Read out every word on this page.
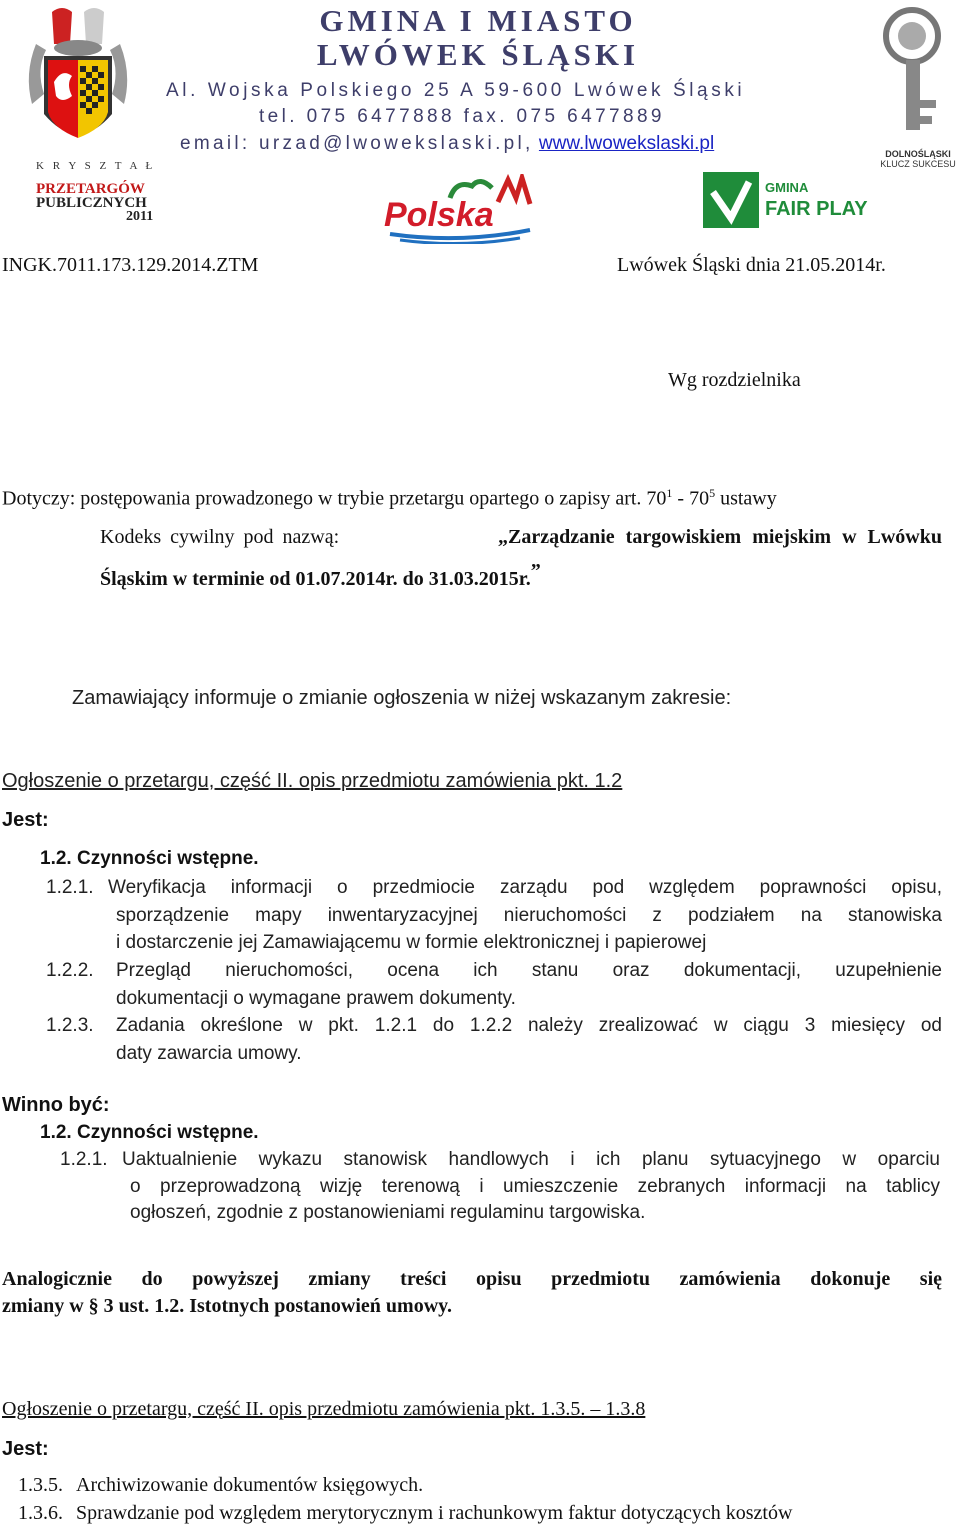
K R Y S Z T A Ł
PRZETARGÓW
PUBLICZNYCH
2011
GMINA I MIASTO
LWÓWEK ŚLĄSKI
Al. Wojska Polskiego 25 A 59-600 Lwówek Śląski
tel. 075 6477888 fax. 075 6477889
email: urzad@lwowekslaski.pl, www.lwowekslaski.pl
Polska
GMINA
FAIR PLAY
DOLNOŚLĄSKI
KLUCZ SUKCESU
INGK.7011.173.129.2014.ZTM	Lwówek Śląski dnia 21.05.2014r.
Wg rozdzielnika
Dotyczy: postępowania prowadzonego w trybie przetargu opartego o zapisy art. $70^1 - 70^5$ ustawy
Kodeks cywilny pod nazwą:	„Zarządzanie targowiskiem miejskim w Lwówku
Śląskim w terminie od 01.07.2014r. do 31.03.2015r.”
Zamawiający informuje o zmianie ogłoszenia w niżej wskazanym zakresie:
Ogłoszenie o przetargu, część II. opis przedmiotu zamówienia pkt. 1.2
Jest:
1.2. Czynności wstępne.
1.2.1. Weryfikacja informacji o przedmiocie zarządu pod względem poprawności opisu,
sporządzenie mapy inwentaryzacyjnej nieruchomości z podziałem na stanowiska
i dostarczenie jej Zamawiającemu w formie elektronicznej i papierowej
1.2.2.	Przegląd nieruchomości, ocena ich stanu oraz dokumentacji, uzupełnienie
dokumentacji o wymagane prawem dokumenty.
1.2.3.	Zadania określone w pkt. 1.2.1 do 1.2.2 należy zrealizować w ciągu 3 miesięcy od
daty zawarcia umowy.
Winno być:
1.2. Czynności wstępne.
1.2.1. Uaktualnienie wykazu stanowisk handlowych i ich planu sytuacyjnego w oparciu
o przeprowadzoną wizję terenową i umieszczenie zebranych informacji na tablicy
ogłoszeń, zgodnie z postanowieniami regulaminu targowiska.
Analogicznie do powyższej zmiany treści opisu przedmiotu zamówienia dokonuje się
zmiany w § 3 ust. 1.2. Istotnych postanowień umowy.
Ogłoszenie o przetargu, część II. opis przedmiotu zamówienia pkt. 1.3.5. – 1.3.8
Jest:
1.3.5. Archiwizowanie dokumentów księgowych.
1.3.6. Sprawdzanie pod względem merytorycznym i rachunkowym faktur dotyczących kosztów
